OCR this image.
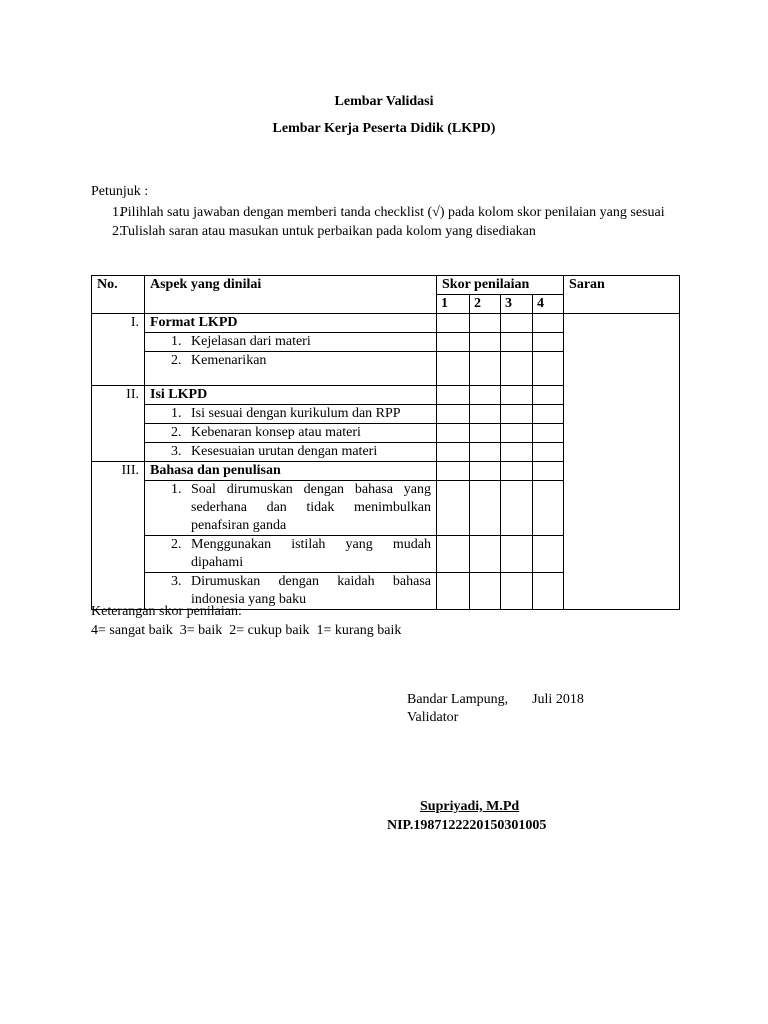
Lembar Validasi
Lembar Kerja Peserta Didik (LKPD)
Petunjuk :
1.
Pilihlah satu jawaban dengan memberi tanda checklist (√) pada kolom skor penilaian yang sesuai
2.
Tulislah saran atau masukan untuk perbaikan pada kolom yang disediakan
No.	Aspek yang dinilai	Skor penilaian				Saran
		1	2	3	4	
I.	Format LKPD					

	1. Kejelasan dari materi					

	2. Kemenarikan					

II.	Isi LKPD					

	1. Isi sesuai dengan kurikulum dan RPP					

	2. Kebenaran konsep atau materi					

	3. Kesesuaian urutan dengan materi					

III.	Bahasa dan penulisan					

	1. Soal dirumuskan dengan bahasa yang sederhana dan tidak menimbulkan penafsiran ganda					

	2. Menggunakan istilah yang mudah dipahami					

	3. Dirumuskan dengan kaidah bahasa indonesia yang baku					

Keterangan skor penilaian:
4= sangat baik  3= baik  2= cukup baik  1= kurang baik
Bandar Lampung, Juli 2018
Validator
Supriyadi, M.Pd
NIP.198712222015030100​5
